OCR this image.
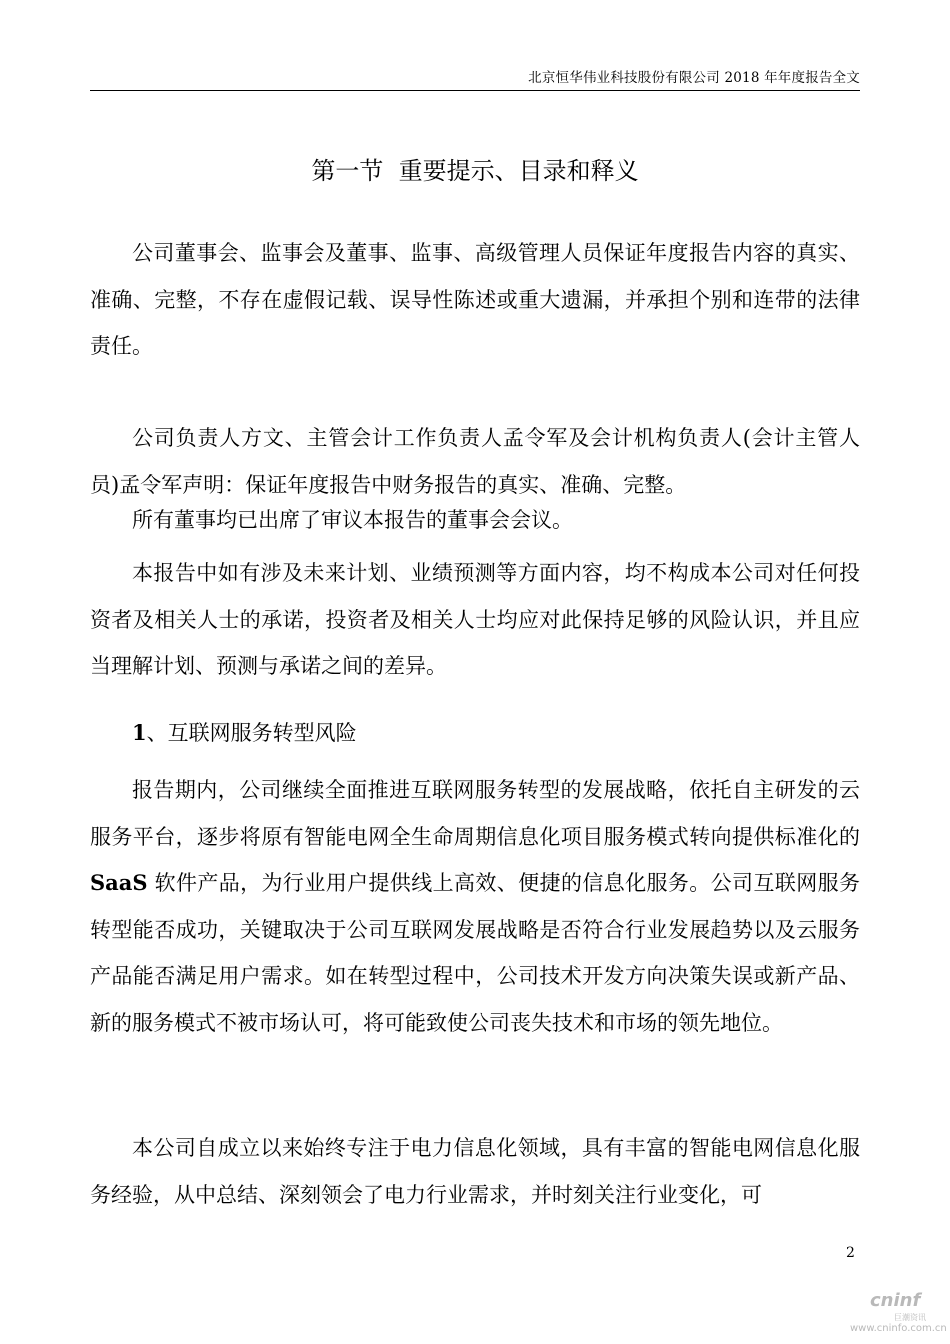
北京恒华伟业科技股份有限公司 2018 年年度报告全文
第一节  重要提示、目录和释义

公司董事会、监事会及董事、监事、高级管理人员保证年度报告内容的真实、准确、完整，不存在虚假记载、误导性陈述或重大遗漏，并承担个别和连带的法律责任。

公司负责人方文、主管会计工作负责人孟令军及会计机构负责人(会计主管人员)孟令军声明：保证年度报告中财务报告的真实、准确、完整。

所有董事均已出席了审议本报告的董事会会议。

本报告中如有涉及未来计划、业绩预测等方面内容，均不构成本公司对任何投资者及相关人士的承诺，投资者及相关人士均应对此保持足够的风险认识，并且应当理解计划、预测与承诺之间的差异。

1、互联网服务转型风险

报告期内，公司继续全面推进互联网服务转型的发展战略，依托自主研发的云服务平台，逐步将原有智能电网全生命周期信息化项目服务模式转向提供标准化的 SaaS 软件产品，为行业用户提供线上高效、便捷的信息化服务。公司互联网服务转型能否成功，关键取决于公司互联网发展战略是否符合行业发展趋势以及云服务产品能否满足用户需求。如在转型过程中，公司技术开发方向决策失误或新产品、新的服务模式不被市场认可，将可能致使公司丧失技术和市场的领先地位。

本公司自成立以来始终专注于电力信息化领域，具有丰富的智能电网信息化服务经验，从中总结、深刻领会了电力行业需求，并时刻关注行业变化，可

2
cninf
巨潮资讯
www.cninfo.com.cn
